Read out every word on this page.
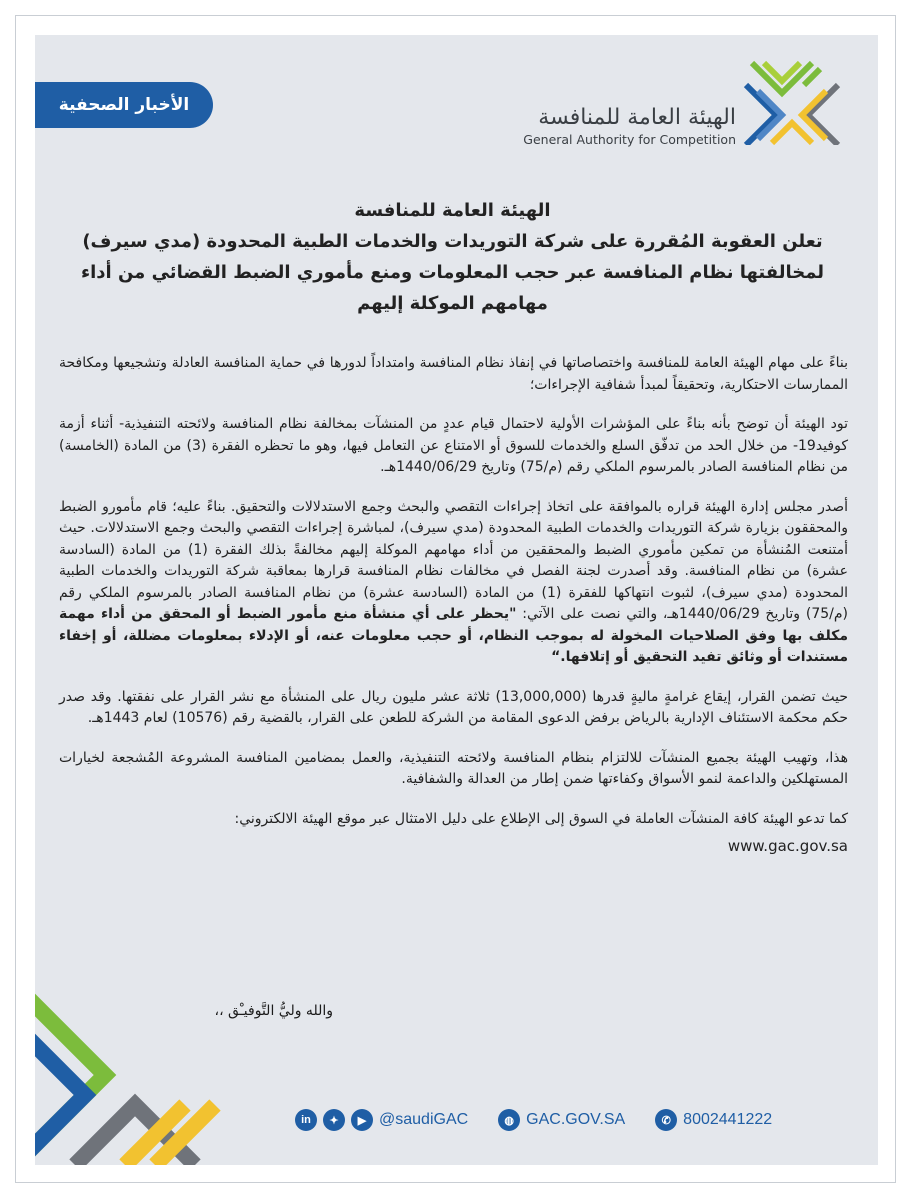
الأخبار الصحفية	الهيئة العامة للمنافسة
General Authority for Competition
الهيئة العامة للمنافسة
تعلن العقوبة المُقررة على شركة التوريدات والخدمات الطبية المحدودة (مدي سيرف)
لمخالفتها نظام المنافسة عبر حجب المعلومات ومنع مأموري الضبط القضائي من أداء
مهامهم الموكلة إليهم

بناءً على مهام الهيئة العامة للمنافسة واختصاصاتها في إنفاذ نظام المنافسة وامتداداً لدورها في حماية المنافسة العادلة وتشجيعها ومكافحة الممارسات الاحتكارية، وتحقيقاً لمبدأ شفافية الإجراءات؛

تود الهيئة أن توضح بأنه بناءً على المؤشرات الأولية لاحتمال قيام عددٍ من المنشآت بمخالفة نظام المنافسة ولائحته التنفيذية- أثناء أزمة كوفيد19- من خلال الحد من تدفّق السلع والخدمات للسوق أو الامتناع عن التعامل فيها، وهو ما تحظره الفقرة (3) من المادة (الخامسة) من نظام المنافسة الصادر بالمرسوم الملكي رقم (م/75) وتاريخ 1440/06/29هـ.

أصدر مجلس إدارة الهيئة قراره بالموافقة على اتخاذ إجراءات التقصي والبحث وجمع الاستدلالات والتحقيق. بناءً عليه؛ قام مأمورو الضبط والمحققون بزيارة شركة التوريدات والخدمات الطبية المحدودة (مدي سيرف)، لمباشرة إجراءات التقصي والبحث وجمع الاستدلالات. حيث أمتنعت المُنشأة من تمكين مأموري الضبط والمحققين من أداء مهامهم الموكلة إليهم مخالفةً بذلك الفقرة (1) من المادة (السادسة عشرة) من نظام المنافسة. وقد أصدرت لجنة الفصل في مخالفات نظام المنافسة قرارها بمعاقبة شركة التوريدات والخدمات الطبية المحدودة (مدي سيرف)، لثبوت انتهاكها للفقرة (1) من المادة (السادسة عشرة) من نظام المنافسة الصادر بالمرسوم الملكي رقم (م/75) وتاريخ 1440/06/29هـ، والتي نصت على الآتي: "يحظر على أي منشأة منع مأمور الضبط أو المحقق من أداء مهمة مكلف بها وفق الصلاحيات المخولة له بموجب النظام، أو حجب معلومات عنه، أو الإدلاء بمعلومات مضللة، أو إخفاء مستندات أو وثائق تفيد التحقيق أو إتلافها.“

حيث تضمن القرار، إيقاع غرامةٍ ماليةٍ قدرها (13,000,000) ثلاثة عشر مليون ريال على المنشأة مع نشر القرار على نفقتها. وقد صدر حكم محكمة الاستئناف الإدارية بالرياض برفض الدعوى المقامة من الشركة للطعن على القرار، بالقضية رقم (10576) لعام 1443هـ.

هذا، وتهيب الهيئة بجميع المنشآت للالتزام بنظام المنافسة ولائحته التنفيذية، والعمل بمضامين المنافسة المشروعة المُشجعة لخيارات المستهلكين والداعمة لنمو الأسواق وكفاءتها ضمن إطار من العدالة والشفافية.

كما تدعو الهيئة كافة المنشآت العاملة في السوق إلى الإطلاع على دليل الامتثال عبر موقع الهيئة الالكتروني:

www.gac.gov.sa

والله وليُّ التَّوفيـْق ،،
in	✦	▶ @saudiGAC	◍ GAC.GOV.SA	✆ 8002441222
